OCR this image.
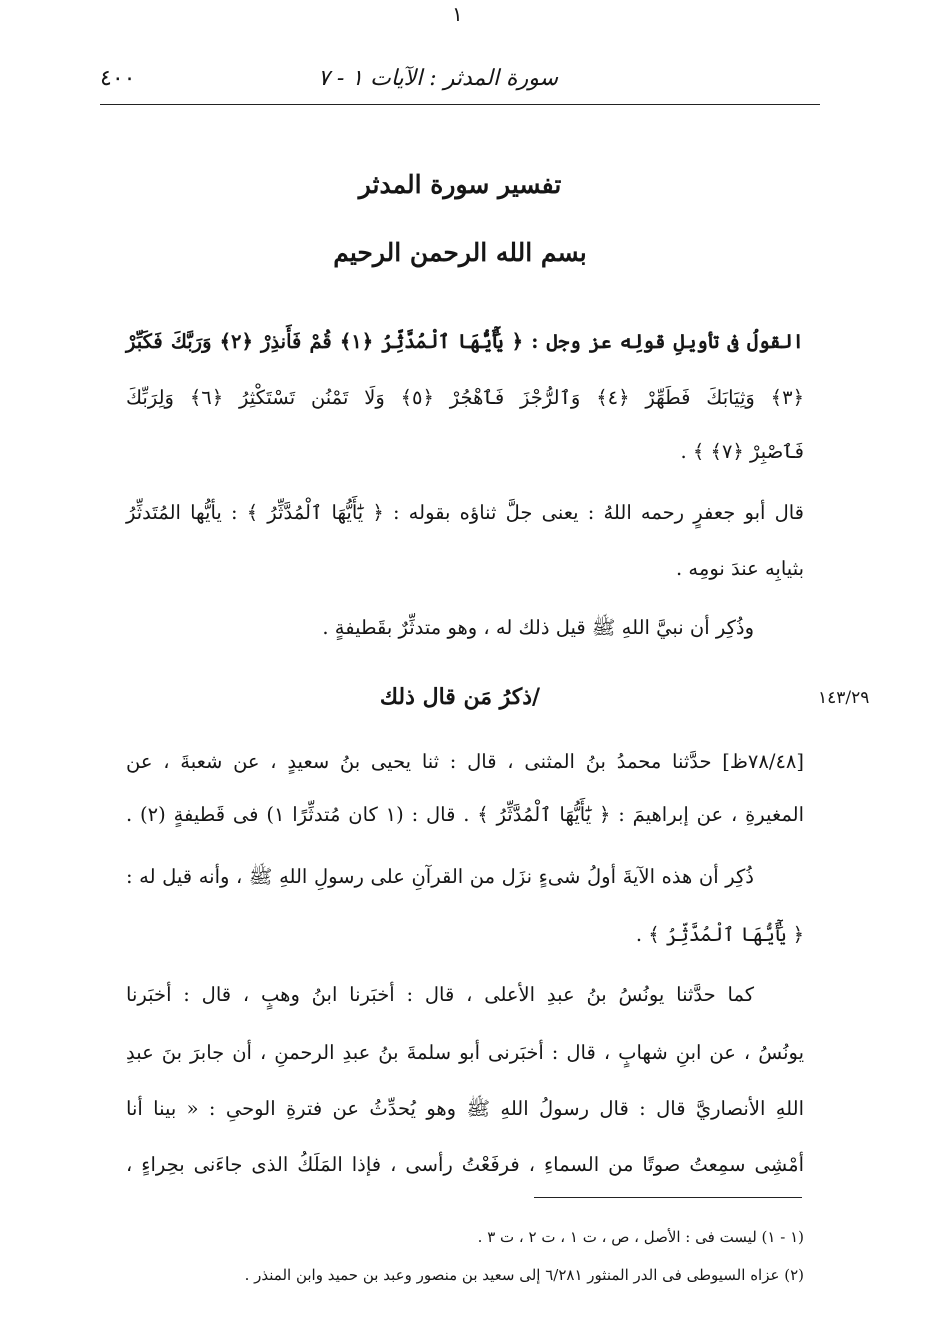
١
٤٠٠	سورة المدثر : الآيات ١ - ٧
تفسير سورة المدثر
بسم الله الرحمن الرحيم
القولُ فى تأويلِ قولِه عز وجل : ﴿ يَٰٓأَيُّهَا ٱلْمُدَّثِّرُ ﴿١﴾ قُمْ فَأَنذِرْ ﴿٢﴾ وَرَبَّكَ فَكَبِّرْ
﴿٣﴾ وَثِيَابَكَ فَطَهِّرْ ﴿٤﴾ وَٱلرُّجْزَ فَٱهْجُرْ ﴿٥﴾ وَلَا تَمْنُن تَسْتَكْثِرُ ﴿٦﴾ وَلِرَبِّكَ
فَٱصْبِرْ ﴿٧﴾ ﴾ .
قال أبو جعفرٍ رحمه اللهُ : يعنى جلَّ ثناؤه بقوله : ﴿ يَٰٓأَيُّهَا ٱلْمُدَّثِّرُ ﴾ : يأيُّها المُتَدثِّرُ
بثيابِه عندَ نومِه .
وذُكِر أن نبيَّ اللهِ ﷺ قيل ذلك له ، وهو متدثِّرٌ بقَطيفةٍ .
/ذكرُ مَن قال ذلك	١٤٣/٢٩
[٧٨/٤٨ظ] حدَّثنا محمدُ بنُ المثنى ، قال : ثنا يحيى بنُ سعيدٍ ، عن شعبةَ ، عن
المغيرةِ ، عن إبراهيمَ : ﴿ يَٰٓأَيُّهَا ٱلْمُدَّثِّرُ ﴾ . قال : (١ كان مُتدثِّرًا ١) فى قَطيفةٍ (٢) .
ذُكِر أن هذه الآيةَ أولُ شىءٍ نزَل من القرآنِ على رسولِ اللهِ ﷺ ، وأنه قيل له :
﴿ يَٰٓأَيُّهَا ٱلْمُدَّثِّرُ ﴾ .
كما حدَّثنا يونُسُ بنُ عبدِ الأعلى ، قال : أخبَرنا ابنُ وهبٍ ، قال : أخبَرنا
يونُسُ ، عن ابنِ شهابٍ ، قال : أخبَرنى أبو سلمةَ بنُ عبدِ الرحمنِ ، أن جابرَ بنَ عبدِ
اللهِ الأنصاريَّ قال : قال رسولُ اللهِ ﷺ وهو يُحدِّثُ عن فترةِ الوحىِ : « بينا أنا
أمْشِى سمِعتُ صوتًا من السماءِ ، فرفَعْتُ رأسى ، فإذا المَلَكُ الذى جاءَنى بحِراءٍ ،
(١ - ١) ليست فى : الأصل ، ص ، ت ١ ، ت ٢ ، ت ٣ .
(٢) عزاه السيوطى فى الدر المنثور ٦/٢٨١ إلى سعيد بن منصور وعبد بن حميد وابن المنذر .
